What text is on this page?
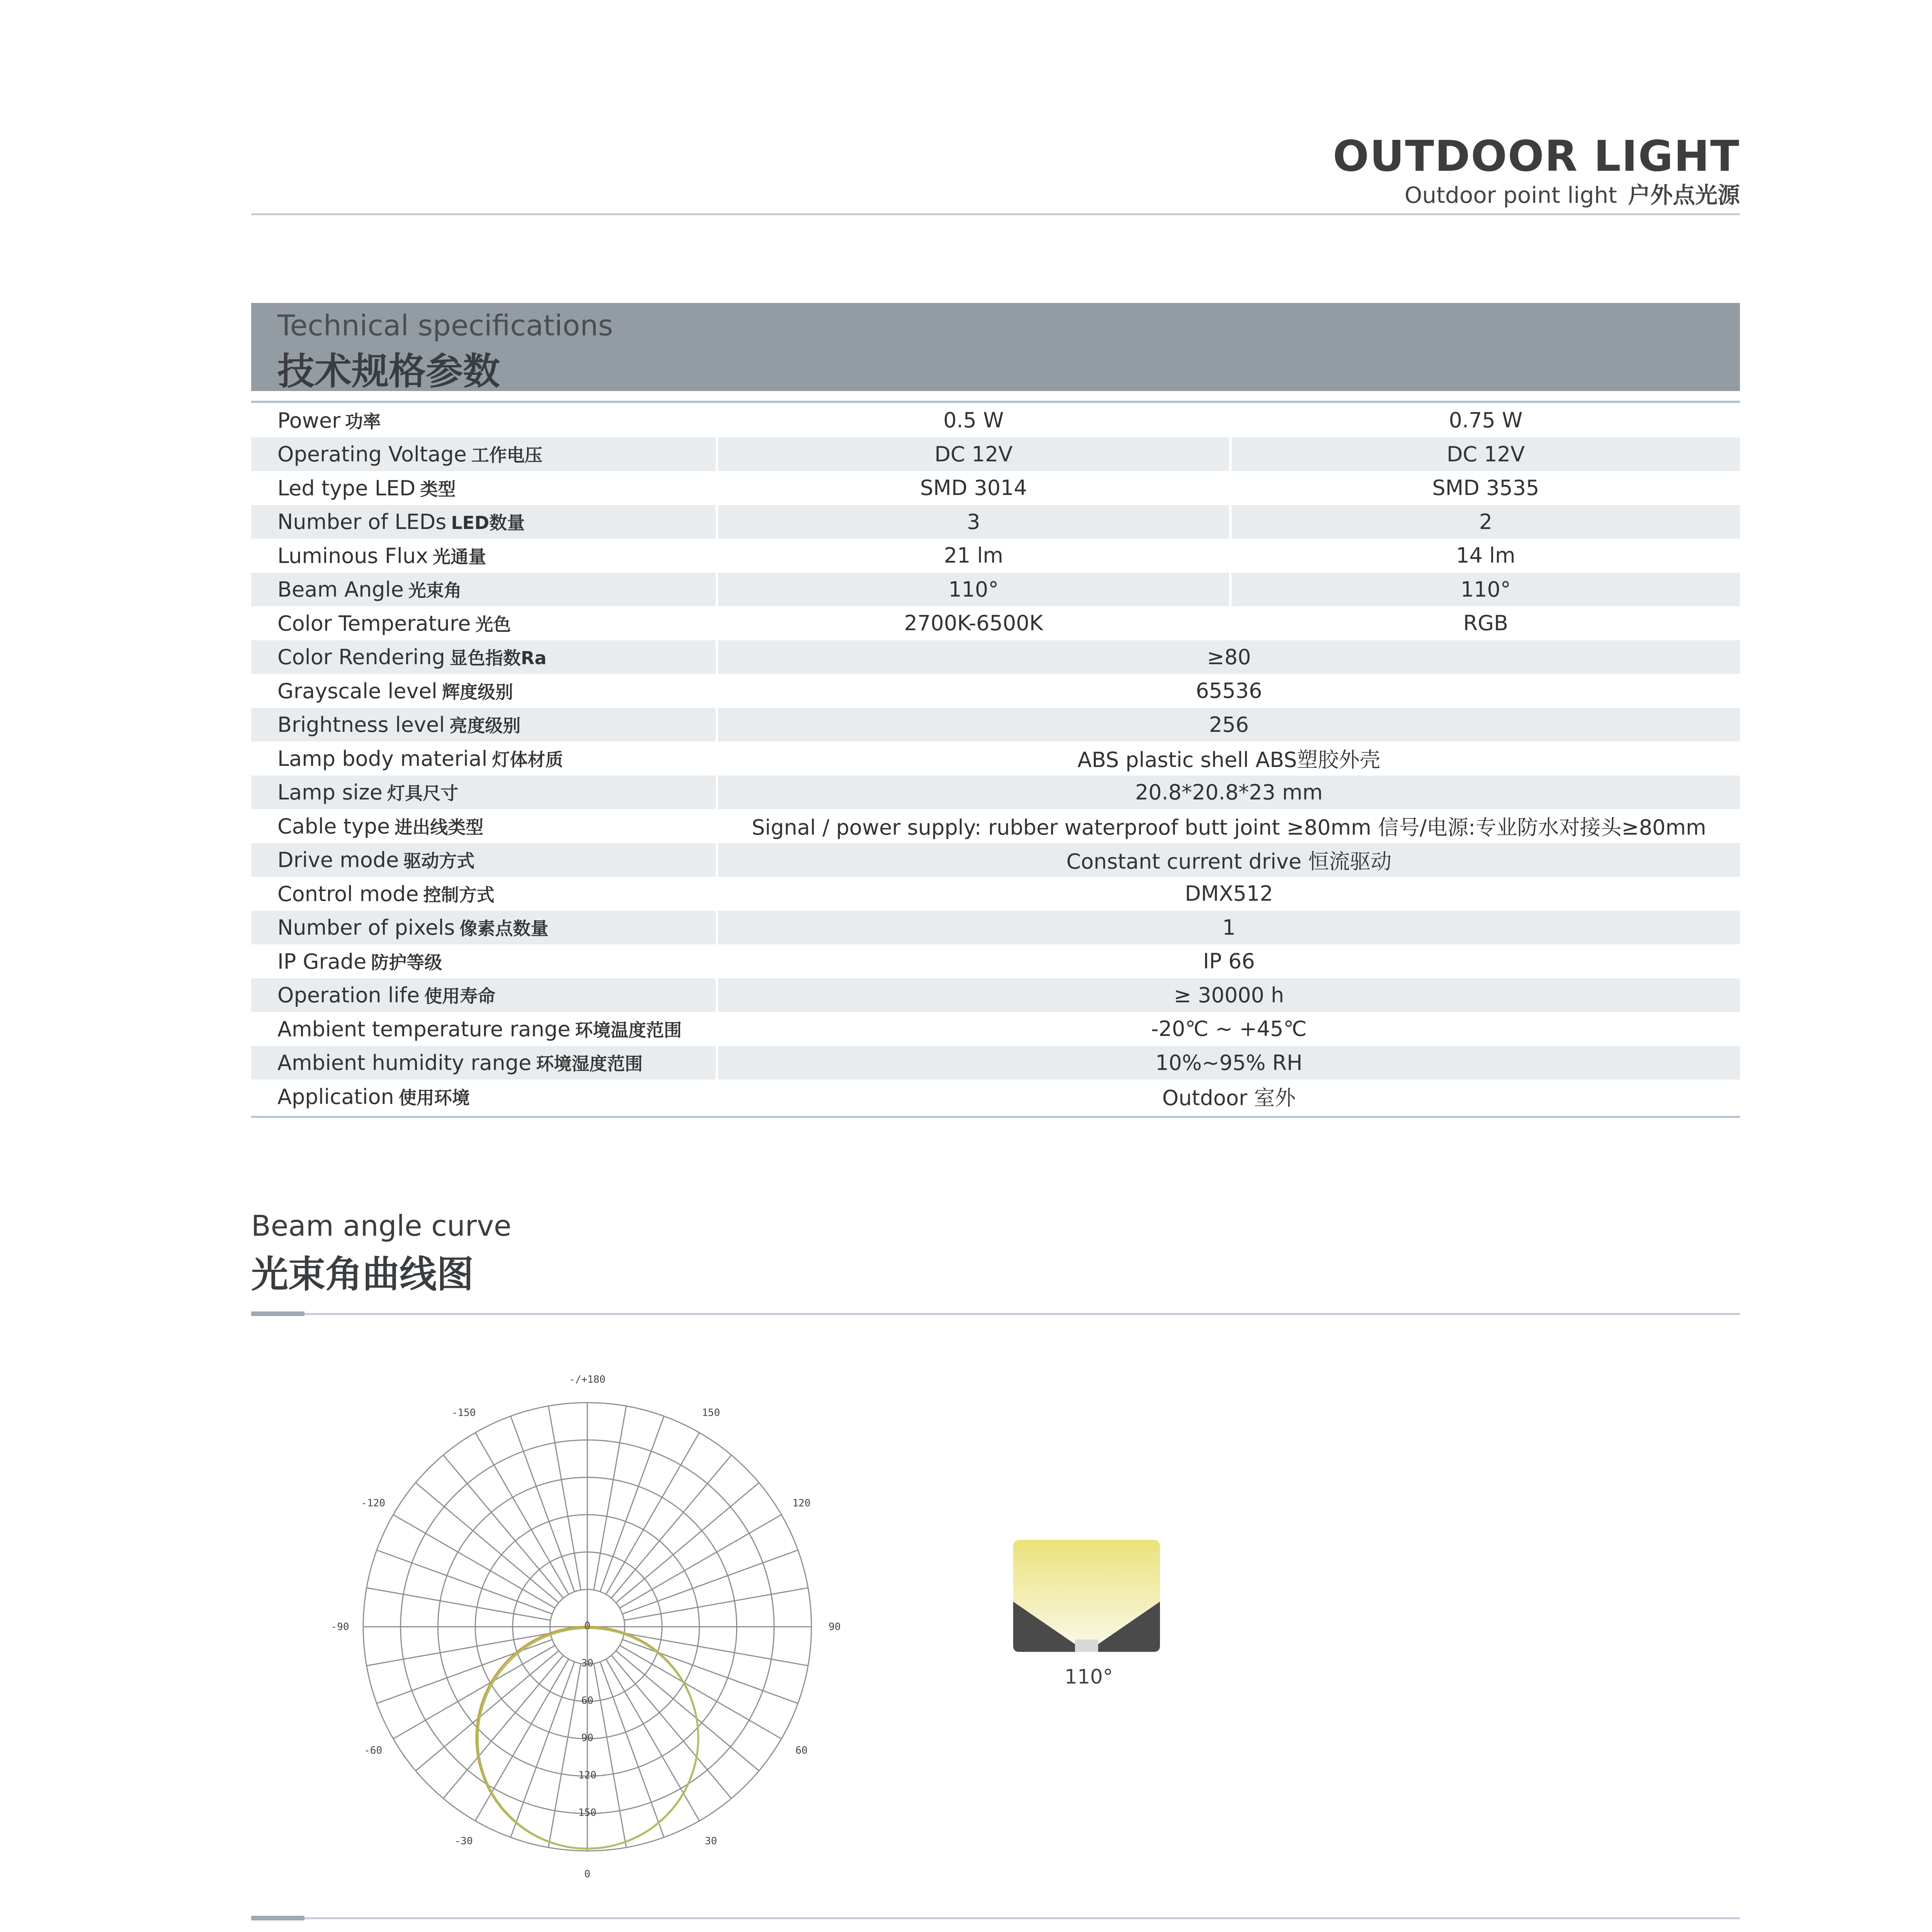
OUTDOOR LIGHT
Outdoor point light 户外点光源
Technical specifications
技术规格参数
Power 功率	0.5 W	0.75 W
Operating Voltage 工作电压	DC 12V	DC 12V
Led type LED 类型	SMD 3014	SMD 3535
Number of LEDs LED数量	3	2
Luminous Flux 光通量	21 lm	14 lm
Beam Angle 光束角	110°	110°
Color Temperature 光色	2700K-6500K	RGB
Color Rendering 显色指数Ra	≥80	
Grayscale level 辉度级别	65536	
Brightness level 亮度级别	256	
Lamp body material 灯体材质	ABS plastic shell ABS塑胶外壳	
Lamp size 灯具尺寸	20.8*20.8*23 mm	
Cable type 进出线类型	Signal / power supply: rubber waterproof butt joint ≥80mm 信号/电源:专业防水对接头≥80mm	
Drive mode 驱动方式	Constant current drive 恒流驱动	
Control mode 控制方式	DMX512	
Number of pixels 像素点数量	1	
IP Grade 防护等级	IP 66	
Operation life 使用寿命	≥ 30000 h	
Ambient temperature range 环境温度范围	-20℃ ~ +45℃	
Ambient humidity range 环境湿度范围	10%~95% RH	
Application 使用环境	Outdoor 室外	
Beam angle curve
光束角曲线图
-/+180
150
120
90
60
30
0
-30
-60
-90
-120
-150
0
30
60
90
120
150
110°
